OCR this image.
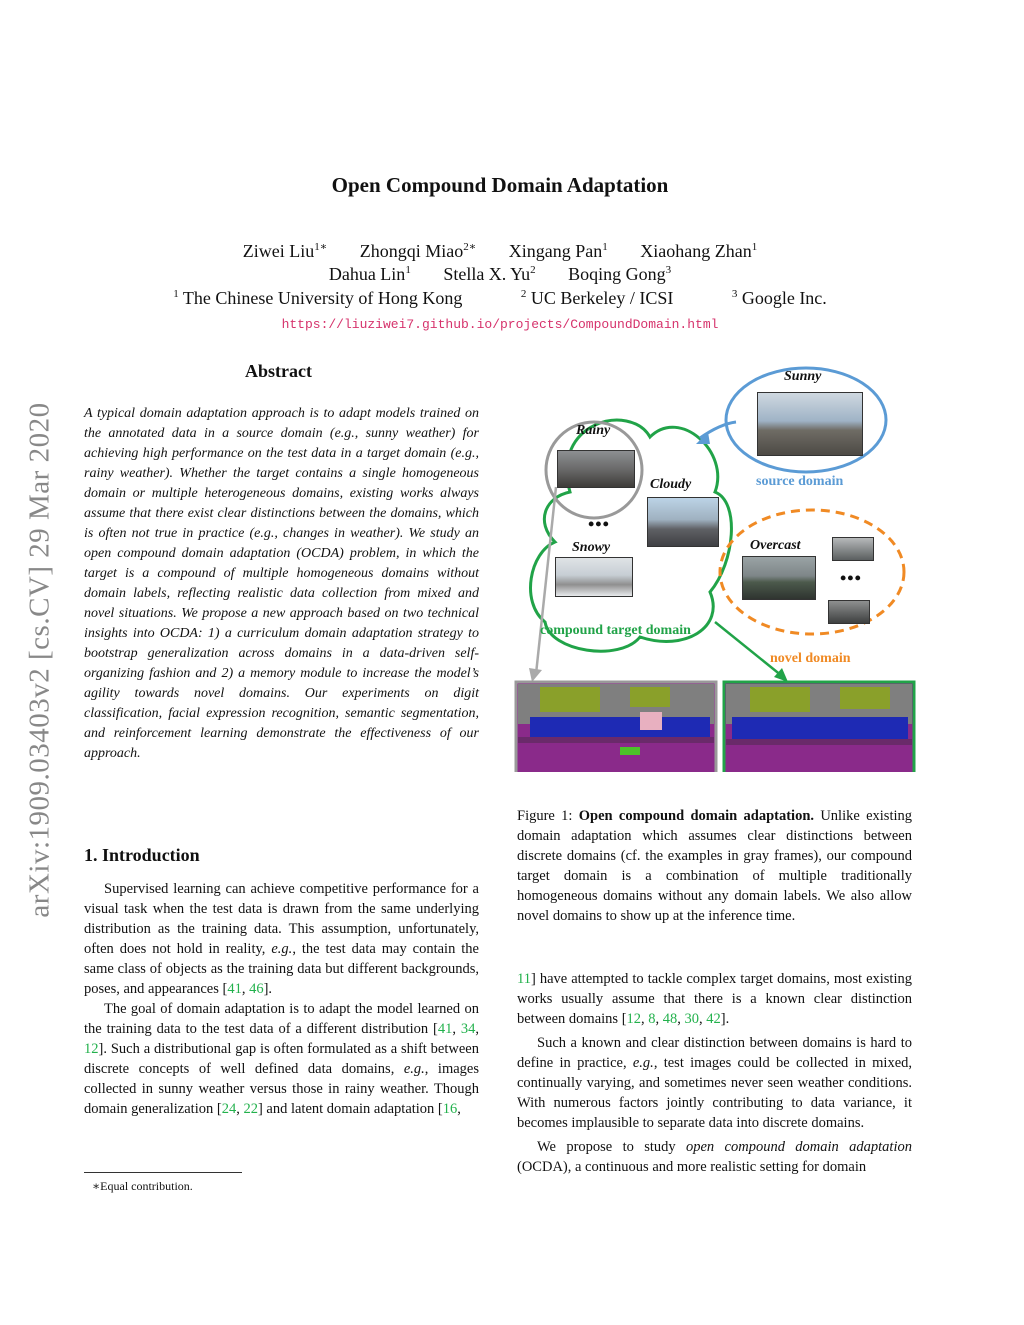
arXiv:1909.03403v2 [cs.CV] 29 Mar 2020
Open Compound Domain Adaptation
Ziwei Liu$^{1∗}$ Zhongqi Miao$^{2∗}$ Xingang Pan$^1$ Xiaohang Zhan$^1$
Dahua Lin$^1$ Stella X. Yu$^2$ Boqing Gong$^3$
$^1$ The Chinese University of Hong Kong	$^2$ UC Berkeley / ICSI	$^3$ Google Inc.
https://liuziwei7.github.io/projects/CompoundDomain.html
Abstract
A typical domain adaptation approach is to adapt models trained on the annotated data in a source domain (e.g., sunny weather) for achieving high performance on the test data in a target domain (e.g., rainy weather). Whether the target contains a single homogeneous domain or multiple heterogeneous domains, existing works always assume that there exist clear distinctions between the domains, which is often not true in practice (e.g., changes in weather). We study an open compound domain adaptation (OCDA) problem, in which the target is a compound of multiple homogeneous domains without domain labels, reflecting realistic data collection from mixed and novel situations. We propose a new approach based on two technical insights into OCDA: 1) a curriculum domain adaptation strategy to bootstrap generalization across domains in a data-driven self-organizing fashion and 2) a memory module to increase the model’s agility towards novel domains. Our experiments on digit classification, facial expression recognition, semantic segmentation, and reinforcement learning demonstrate the effectiveness of our approach.
1. Introduction

Supervised learning can achieve competitive performance for a visual task when the test data is drawn from the same underlying distribution as the training data. This assumption, unfortunately, often does not hold in reality, e.g., the test data may contain the same class of objects as the training data but different backgrounds, poses, and appearances [41, 46].

The goal of domain adaptation is to adapt the model learned on the training data to the test data of a different distribution [41, 34, 12]. Such a distributional gap is often formulated as a shift between discrete concepts of well defined data domains, e.g., images collected in sunny weather versus those in rainy weather. Though domain generalization [24, 22] and latent domain adaptation [16,

∗Equal contribution.
Sunny
source domain
Rainy
Cloudy
Snowy
•••
compound target domain
Overcast
•••
novel domain
Figure 1: Open compound domain adaptation. Unlike existing domain adaptation which assumes clear distinctions between discrete domains (cf. the examples in gray frames), our compound target domain is a combination of multiple traditionally homogeneous domains without any domain labels. We also allow novel domains to show up at the inference time.

11] have attempted to tackle complex target domains, most existing works usually assume that there is a known clear distinction between domains [12, 8, 48, 30, 42].

Such a known and clear distinction between domains is hard to define in practice, e.g., test images could be collected in mixed, continually varying, and sometimes never seen weather conditions. With numerous factors jointly contributing to data variance, it becomes implausible to separate data into discrete domains.

We propose to study open compound domain adaptation (OCDA), a continuous and more realistic setting for domain
